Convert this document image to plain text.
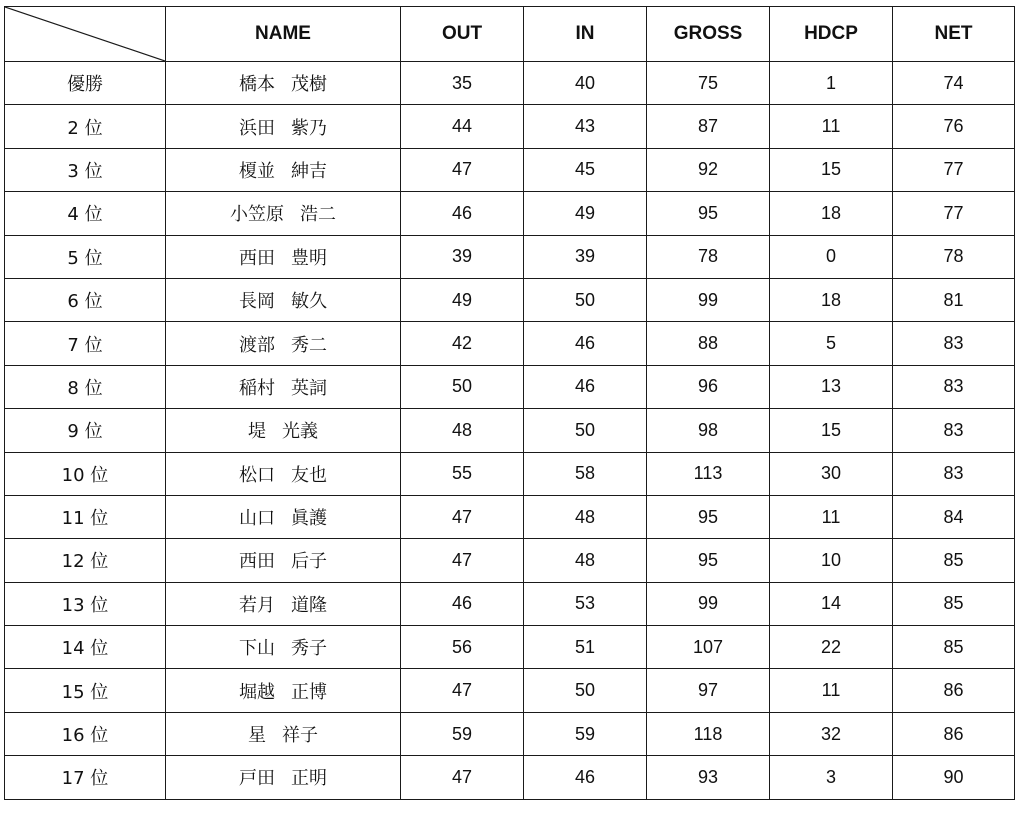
	NAME	OUT	IN	GROSS	HDCP	NET
優勝	橋本 茂樹	35	40	75	1	74
2 位	浜田 紫乃	44	43	87	11	76
3 位	榎並 紳吉	47	45	92	15	77
4 位	小笠原 浩二	46	49	95	18	77
5 位	西田 豊明	39	39	78	0	78
6 位	長岡 敏久	49	50	99	18	81
7 位	渡部 秀二	42	46	88	5	83
8 位	稲村 英詞	50	46	96	13	83
9 位	堤 光義	48	50	98	15	83
10 位	松口 友也	55	58	113	30	83
11 位	山口 眞護	47	48	95	11	84
12 位	西田 后子	47	48	95	10	85
13 位	若月 道隆	46	53	99	14	85
14 位	下山 秀子	56	51	107	22	85
15 位	堀越 正博	47	50	97	11	86
16 位	星 祥子	59	59	118	32	86
17 位	戸田 正明	47	46	93	3	90
